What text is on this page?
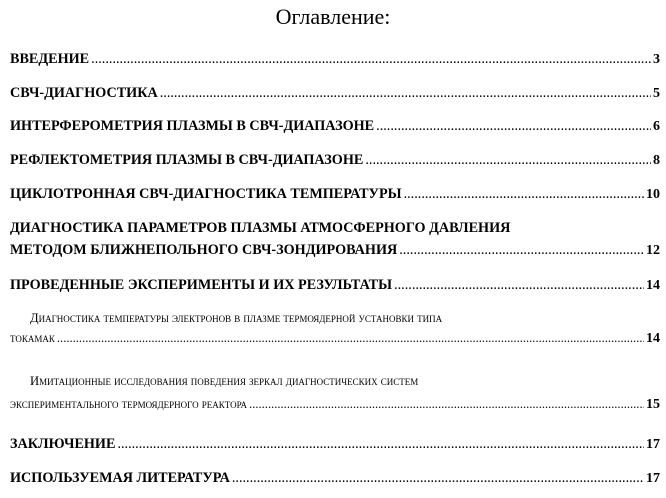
Оглавление:
ВВЕДЕНИЕ .....	3
СВЧ-ДИАГНОСТИКА .....	5
ИНТЕРФЕРОМЕТРИЯ ПЛАЗМЫ В СВЧ-ДИАПАЗОНЕ .....	6
РЕФЛЕКТОМЕТРИЯ ПЛАЗМЫ В СВЧ-ДИАПАЗОНЕ .....	8
ЦИКЛОТРОННАЯ СВЧ-ДИАГНОСТИКА ТЕМПЕРАТУРЫ .....	10
ДИАГНОСТИКА ПАРАМЕТРОВ ПЛАЗМЫ АТМОСФЕРНОГО ДАВЛЕНИЯ
МЕТОДОМ БЛИЖНЕПОЛЬНОГО СВЧ-ЗОНДИРОВАНИЯ .....	12
ПРОВЕДЕННЫЕ ЭКСПЕРИМЕНТЫ И ИХ РЕЗУЛЬТАТЫ .....	14
Диагностика температуры электронов в плазме термоядерной установки типа
токамак .....	14
Имитационные исследования поведения зеркал диагностических систем
экспериментального термоядерного реактора .....	15
ЗАКЛЮЧЕНИЕ .....	17
ИСПОЛЬЗУЕМАЯ ЛИТЕРАТУРА .....	17
